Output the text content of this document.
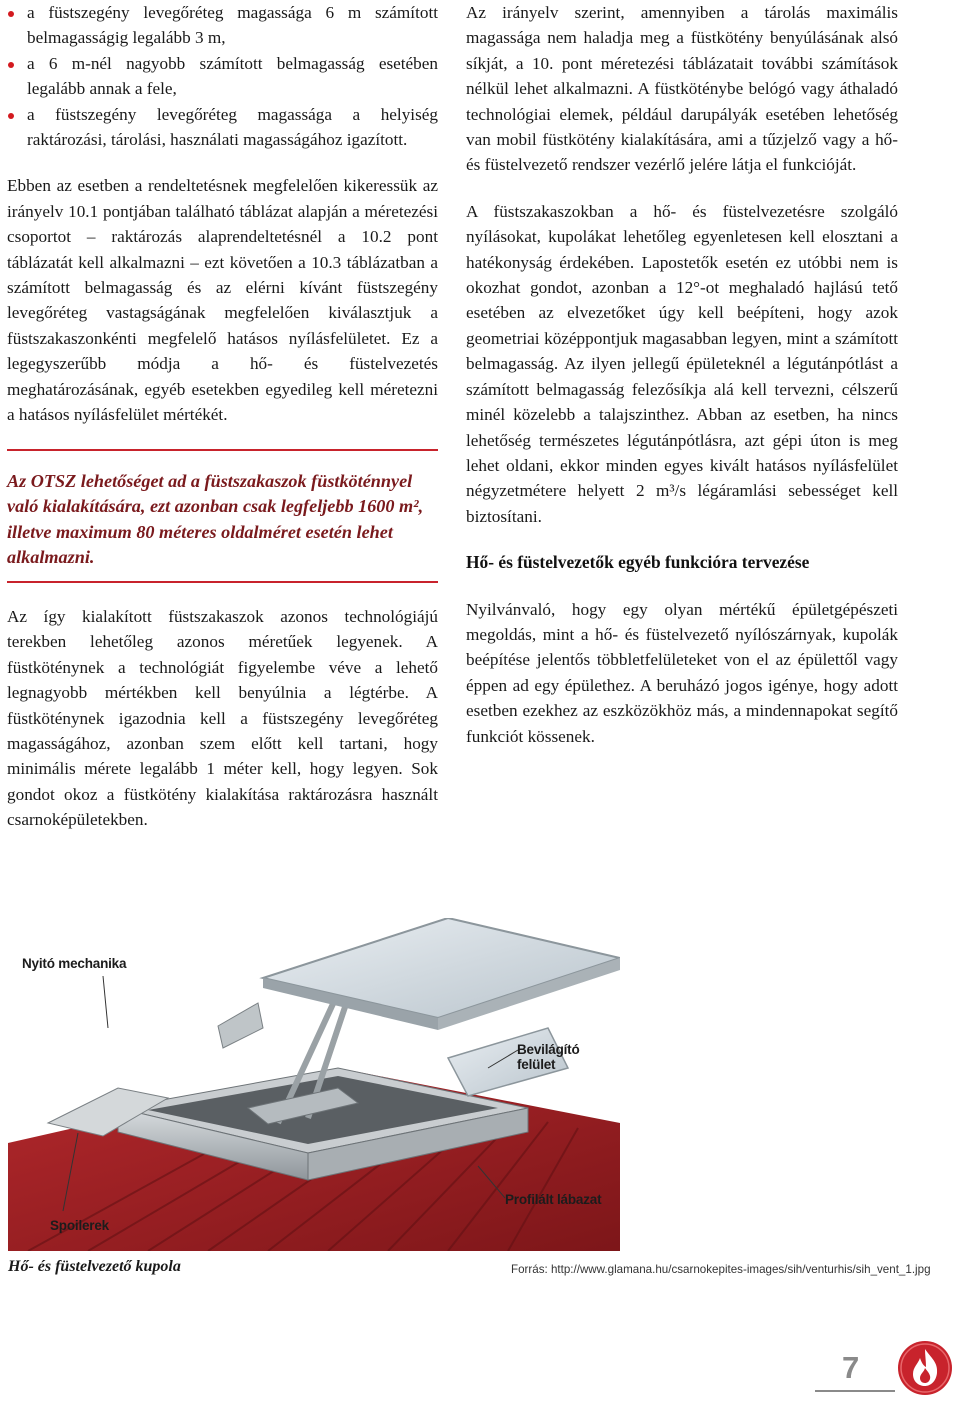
a füstszegény levegőréteg magassága 6 m számított belmagasságig legalább 3 m,
a 6 m-nél nagyobb számított belmagasság esetében legalább annak a fele,
a füstszegény levegőréteg magassága a helyiség raktározási, tárolási, használati magasságához igazított.

Ebben az esetben a rendeltetésnek megfelelően kikeressük az irányelv 10.1 pontjában található táblázat alapján a méretezési csoportot – raktározás alaprendeltetésnél a 10.2 pont táblázatát kell alkalmazni – ezt követően a 10.3 táblázatban a számított belmagasság és az elérni kívánt füstszegény levegőréteg vastagságának megfelelően kiválasztjuk a füstszakaszonkénti megfelelő hatásos nyílásfelületet. Ez a legegyszerűbb módja a hő- és füstelvezetés meghatározásának, egyéb esetekben egyedileg kell méretezni a hatásos nyílásfelület mértékét.

Az OTSZ lehetőséget ad a füstszakaszok füstköténnyel való kialakítására, ezt azonban csak legfeljebb 1600 m², illetve maximum 80 méteres oldalméret esetén lehet alkalmazni.

Az így kialakított füstszakaszok azonos technológiájú terekben lehetőleg azonos méretűek legyenek. A füstköténynek a technológiát figyelembe véve a lehető legnagyobb mértékben kell benyúlnia a légtérbe. A füstköténynek igazodnia kell a füstszegény levegőréteg magasságához, azonban szem előtt kell tartani, hogy minimális mérete legalább 1 méter kell, hogy legyen. Sok gondot okoz a füstkötény kialakítása raktározásra használt csarnoképületekben.

Az irányelv szerint, amennyiben a tárolás maximális magassága nem haladja meg a füstkötény benyúlásának alsó síkját, a 10. pont méretezési táblázatait további számítások nélkül lehet alkalmazni. A füstköténybe belógó vagy áthaladó technológiai elemek, például darupályák esetében lehetőség van mobil füstkötény kialakítására, ami a tűzjelző vagy a hő- és füstelvezető rendszer vezérlő jelére látja el funkcióját.

A füstszakaszokban a hő- és füstelvezetésre szolgáló nyílásokat, kupolákat lehetőleg egyenletesen kell elosztani a hatékonyság érdekében. Lapostetők esetén ez utóbbi nem is okozhat gondot, azonban a 12°-ot meghaladó hajlású tető esetében az elvezetőket úgy kell beépíteni, hogy azok geometriai középpontjuk magasabban legyen, mint a számított belmagasság. Az ilyen jellegű épületeknél a légutánpótlást a számított belmagasság felezősíkja alá kell tervezni, célszerű minél közelebb a talajszinthez. Abban az esetben, ha nincs lehetőség természetes légutánpótlásra, azt gépi úton is meg lehet oldani, ekkor minden egyes kivált hatásos nyílásfelület négyzetmétere helyett 2 m³/s légáramlási sebességet kell biztosítani.

Hő- és füstelvezetők egyéb funkcióra tervezése

Nyilvánvaló, hogy egy olyan mértékű épületgépészeti megoldás, mint a hő- és füstelvezető nyílószárnyak, kupolák beépítése jelentős többletfelületeket von el az épülettől vagy éppen ad egy épülethez. A beruházó jogos igénye, hogy adott esetben ezekhez az eszközökhöz más, a mindennapokat segítő funkciót kössenek.

Nyitó mechanika
Bevilágító felület
Profilált lábazat
Spoilerek
Hő- és füstelvezető kupola	Forrás: http://www.glamana.hu/csarnokepites-images/sih/venturhis/sih_vent_1.jpg
7
